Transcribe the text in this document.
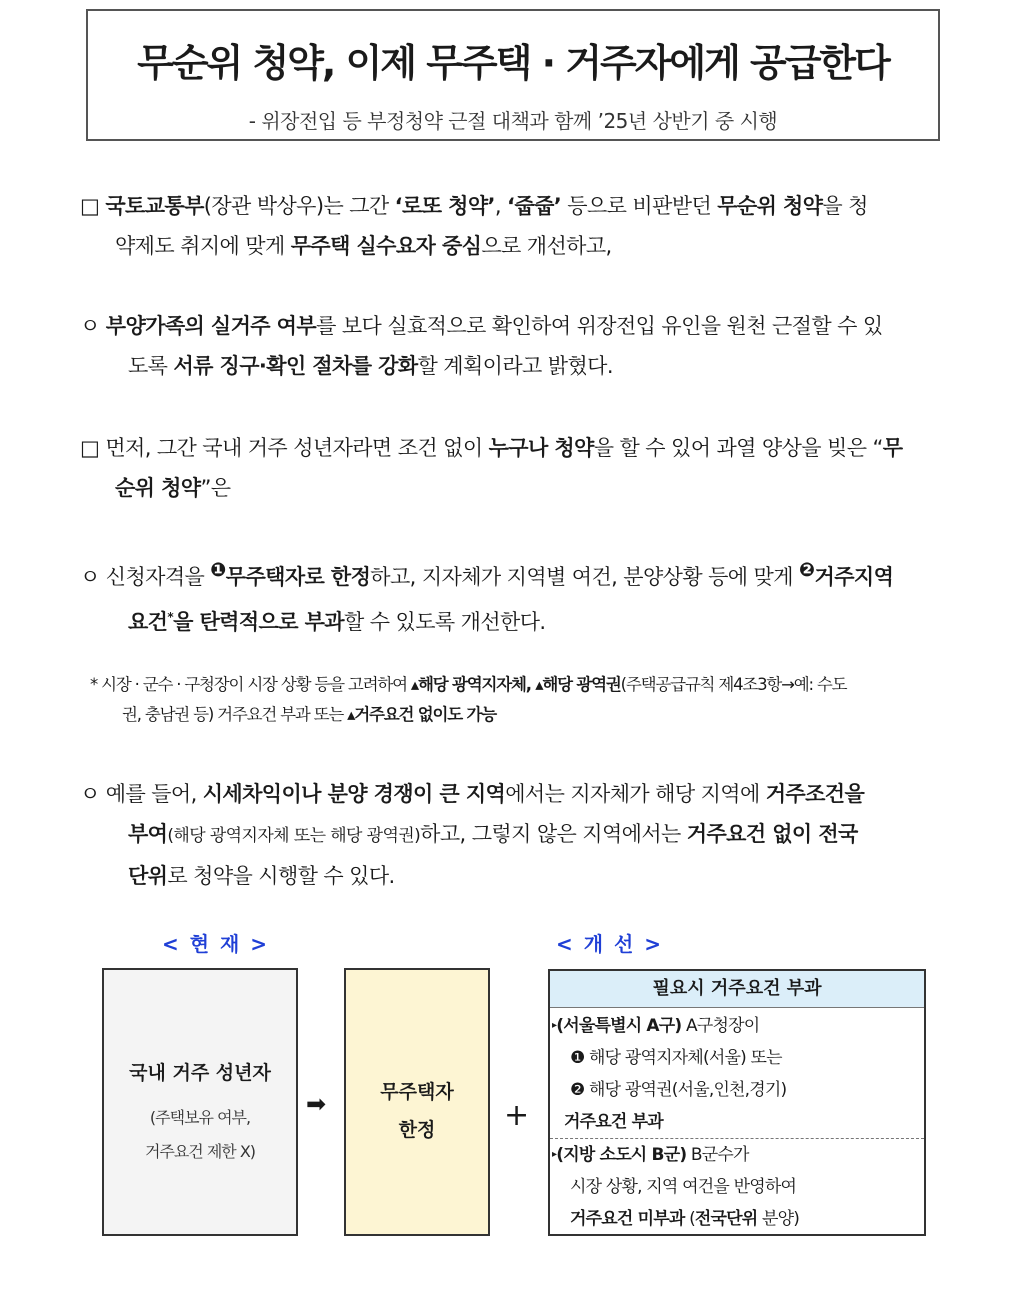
무순위 청약, 이제 무주택 · 거주자에게 공급한다
- 위장전입 등 부정청약 근절 대책과 함께 ’25년 상반기 중 시행
□ 국토교통부(장관 박상우)는 그간 ‘로또 청약’, ‘줍줍’ 등으로 비판받던 무순위 청약을 청
약제도 취지에 맞게 무주택 실수요자 중심으로 개선하고,
ㅇ 부양가족의 실거주 여부를 보다 실효적으로 확인하여 위장전입 유인을 원천 근절할 수 있
도록 서류 징구·확인 절차를 강화할 계획이라고 밝혔다.
□ 먼저, 그간 국내 거주 성년자라면 조건 없이 누구나 청약을 할 수 있어 과열 양상을 빚은 “무
순위 청약”은
ㅇ 신청자격을 ❶무주택자로 한정하고, 지자체가 지역별 여건, 분양상황 등에 맞게 ❷거주지역
요건*을 탄력적으로 부과할 수 있도록 개선한다.
* 시장 · 군수 · 구청장이 시장 상황 등을 고려하여 ▴해당 광역지자체, ▴해당 광역권(주택공급규칙 제4조3항→예: 수도
권, 충남권 등) 거주요건 부과 또는 ▴거주요건 없이도 가능
ㅇ 예를 들어, 시세차익이나 분양 경쟁이 큰 지역에서는 지자체가 해당 지역에 거주조건을
부여(해당 광역지자체 또는 해당 광역권)하고, 그렇지 않은 지역에서는 거주요건 없이 전국
단위로 청약을 시행할 수 있다.
< 현 재 >	< 개 선 >
국내 거주 성년자
(주택보유 여부,
거주요건 제한 X)
➡	무주택자
한정	+
필요시 거주요건 부과
▸(서울특별시 A구) A구청장이
❶ 해당 광역지자체(서울) 또는
❷ 해당 광역권(서울,인천,경기)
거주요건 부과
▸(지방 소도시 B군) B군수가
시장 상황, 지역 여건을 반영하여
거주요건 미부과 (전국단위 분양)
